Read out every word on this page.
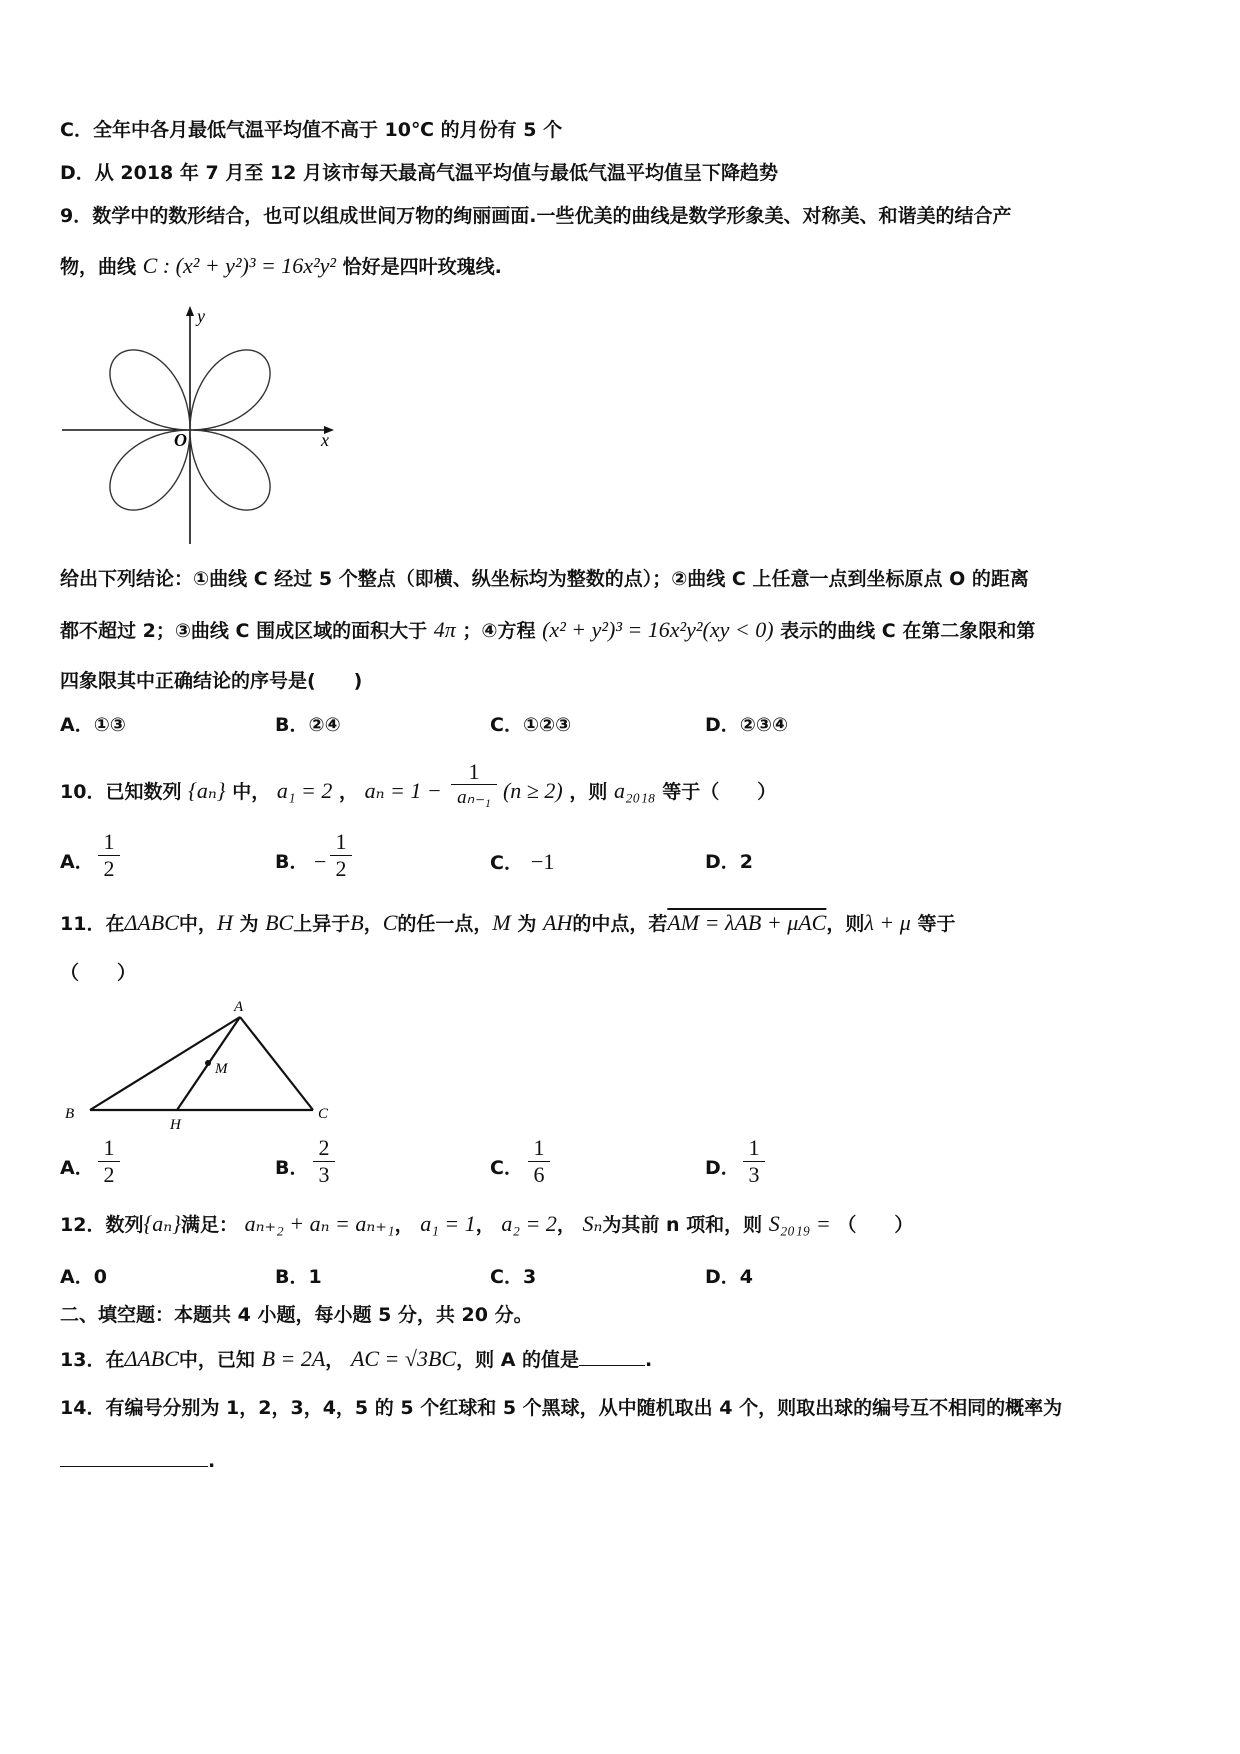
C．全年中各月最低气温平均值不高于 10℃ 的月份有 5 个
D．从 2018 年 7 月至 12 月该市每天最高气温平均值与最低气温平均值呈下降趋势
9．数学中的数形结合，也可以组成世间万物的绚丽画面.一些优美的曲线是数学形象美、对称美、和谐美的结合产
物，曲线 C : (x² + y²)³ = 16x²y² 恰好是四叶玫瑰线.
y
x
O
给出下列结论：①曲线 C 经过 5 个整点（即横、纵坐标均为整数的点）；②曲线 C 上任意一点到坐标原点 O 的距离
都不超过 2；③曲线 C 围成区域的面积大于 4π ；④方程 (x² + y²)³ = 16x²y²(xy < 0) 表示的曲线 C 在第二象限和第
四象限其中正确结论的序号是(　　)
A．①③	B．②④	C．①②③	D．②③④
10．已知数列 {aₙ} 中， a₁ = 2 ， aₙ = 1 −	(n ≥ 2) ，则 a₂₀₁₈ 等于（　　）
1
aₙ₋₁
A．
1
2	B． −
1
2	C． −1	D．2
11．在ΔABC中，H 为 BC上异于B，C的任一点，M 为 AH的中点，若AM = λAB + μAC，则λ + μ 等于
（　　）
A
B	C
H
M
A．
1
2	B．
2
3	C．
1
6	D．
1
3
12．数列{aₙ}满足： aₙ₊₂ + aₙ = aₙ₊₁， a₁ = 1， a₂ = 2， Sₙ为其前 n 项和，则 S₂₀₁₉ = （　　）
A．0	B．1	C．3	D．4
二、填空题：本题共 4 小题，每小题 5 分，共 20 分。
13．在ΔABC中，已知 B = 2A， AC = √3BC，则 A 的值是	.
14．有编号分别为 1，2，3，4，5 的 5 个红球和 5 个黑球，从中随机取出 4 个，则取出球的编号互不相同的概率为
.
